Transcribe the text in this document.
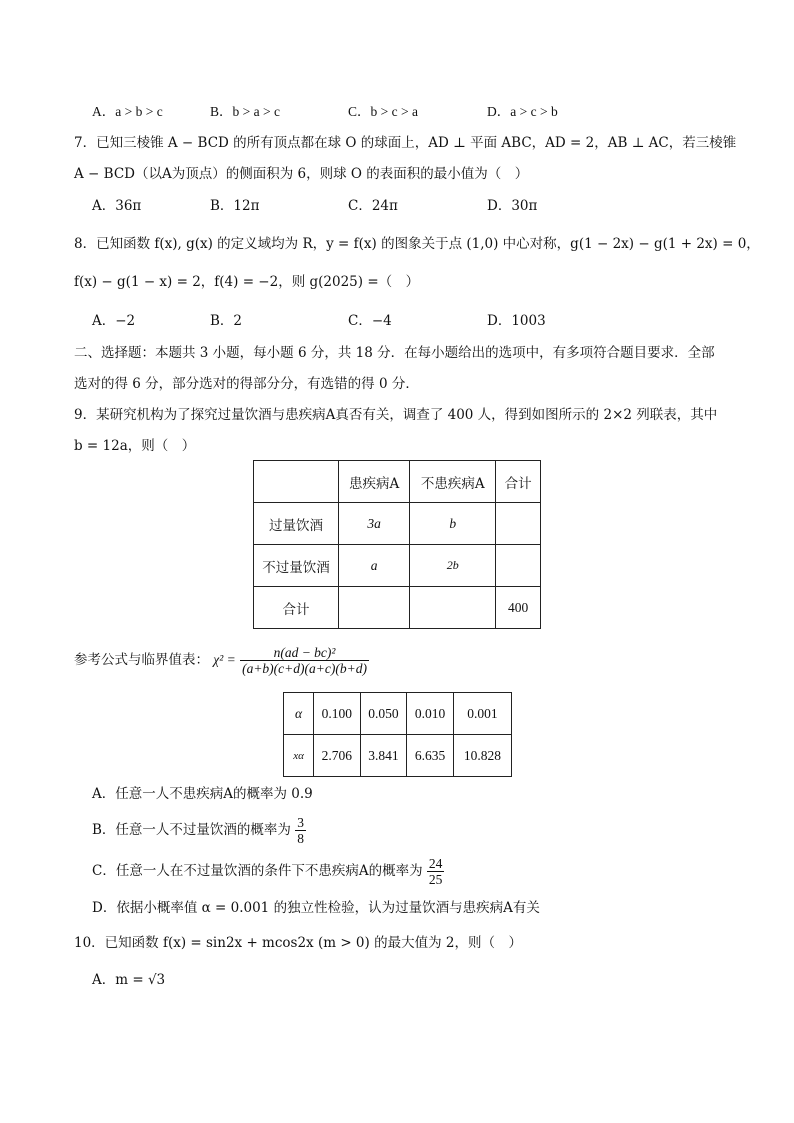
A．a > b > c	B．b > a > c	C．b > c > a	D．a > c > b
7．已知三棱锥 A − BCD 的所有顶点都在球 O 的球面上，AD ⊥ 平面 ABC，AD = 2，AB ⊥ AC，若三棱锥
A − BCD（以A为顶点）的侧面积为 6，则球 O 的表面积的最小值为（　）
A．36π	B．12π	C．24π	D．30π
8．已知函数 f(x), g(x) 的定义域均为 R，y = f(x) 的图象关于点 (1,0) 中心对称，g(1 − 2x) − g(1 + 2x) = 0，
f(x) − g(1 − x) = 2，f(4) = −2，则 g(2025) =（　）
A．−2	B．2	C．−4	D．1003
二、选择题：本题共 3 小题，每小题 6 分，共 18 分．在每小题给出的选项中，有多项符合题目要求．全部
选对的得 6 分，部分选对的得部分分，有选错的得 0 分．
9．某研究机构为了探究过量饮酒与患疾病A真否有关，调查了 400 人，得到如图所示的 2×2 列联表，其中
b = 12a，则（　）
	患疾病A	不患疾病A	合计
过量饮酒	3a	b	
不过量饮酒	a	2b	
合计			400
参考公式与临界值表： $\chi^2 = \frac{\text{n(ad − bc)²}}{(a+b)(c+d)(a+c)(b+d)}$
α	0.100	0.050	0.010	0.001
xα	2.706	3.841	6.635	10.828
A．任意一人不患疾病A的概率为 0.9
B．任意一人不过量饮酒的概率为 $\frac{3}{8}$
C．任意一人在不过量饮酒的条件下不患疾病A的概率为 $\frac{24}{25}$
D．依据小概率值 α = 0.001 的独立性检验，认为过量饮酒与患疾病A有关
10．已知函数 f(x) = sin2x + mcos2x (m > 0) 的最大值为 2，则（　）
A．m = √3
